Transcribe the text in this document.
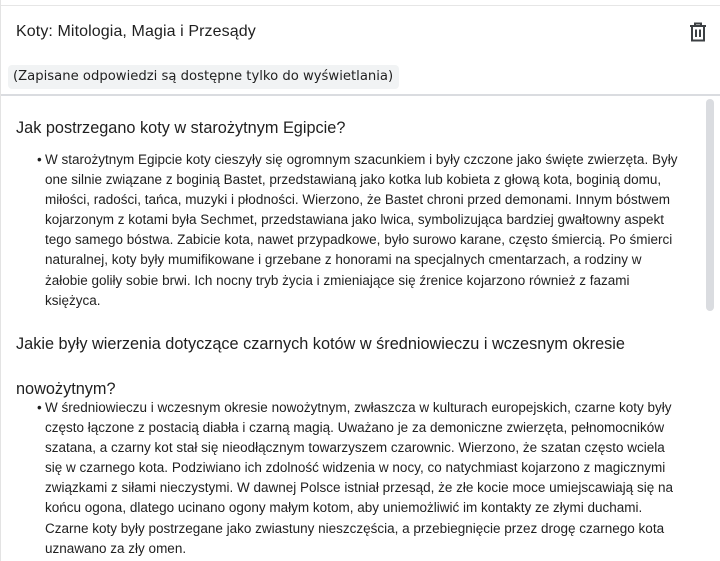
Koty: Mitologia, Magia i Przesądy
(Zapisane odpowiedzi są dostępne tylko do wyświetlania)
Jak postrzegano koty w starożytnym Egipcie?
• W starożytnym Egipcie koty cieszyły się ogromnym szacunkiem i były czczone jako święte zwierzęta. Były one silnie związane z boginią Bastet, przedstawianą jako kotka lub kobieta z głową kota, boginią domu, miłości, radości, tańca, muzyki i płodności. Wierzono, że Bastet chroni przed demonami. Innym bóstwem kojarzonym z kotami była Sechmet, przedstawiana jako lwica, symbolizująca bardziej gwałtowny aspekt tego samego bóstwa. Zabicie kota, nawet przypadkowe, było surowo karane, często śmiercią. Po śmierci naturalnej, koty były mumifikowane i grzebane z honorami na specjalnych cmentarzach, a rodziny w żałobie goliły sobie brwi. Ich nocny tryb życia i zmieniające się źrenice kojarzono również z fazami księżyca.
Jakie były wierzenia dotyczące czarnych kotów w średniowieczu i wczesnym okresie nowożytnym?
• W średniowieczu i wczesnym okresie nowożytnym, zwłaszcza w kulturach europejskich, czarne koty były często łączone z postacią diabła i czarną magią. Uważano je za demoniczne zwierzęta, pełnomocników szatana, a czarny kot stał się nieodłącznym towarzyszem czarownic. Wierzono, że szatan często wciela się w czarnego kota. Podziwiano ich zdolność widzenia w nocy, co natychmiast kojarzono z magicznymi związkami z siłami nieczystymi. W dawnej Polsce istniał przesąd, że złe kocie moce umiejscawiają się na końcu ogona, dlatego ucinano ogony małym kotom, aby uniemożliwić im kontakty ze złymi duchami. Czarne koty były postrzegane jako zwiastuny nieszczęścia, a przebiegnięcie przez drogę czarnego kota uznawano za zły omen.
